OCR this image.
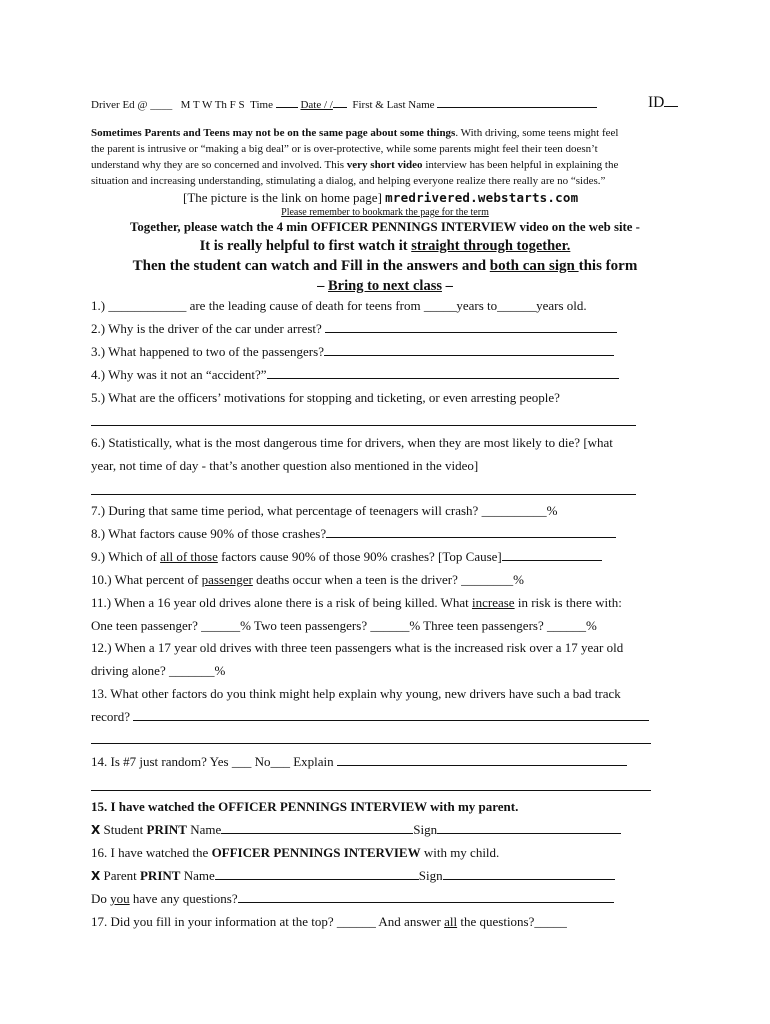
Driver Ed @ ____ M T W Th F S Time	Date / / First & Last Name	ID
Sometimes Parents and Teens may not be on the same page about some things. With driving, some teens might feel
the parent is intrusive or “making a big deal” or is over-protective, while some parents might feel their teen doesn’t
understand why they are so concerned and involved. This very short video interview has been helpful in explaining the
situation and increasing understanding, stimulating a dialog, and helping everyone realize there really are no “sides.”
[The picture is the link on home page] mredrivered.webstarts.com
Please remember to bookmark the page for the term
Together, please watch the 4 min OFFICER PENNINGS INTERVIEW video on the web site -
It is really helpful to first watch it straight through together.
Then the student can watch and Fill in the answers and both can sign this form
– Bring to next class –
1.) ____________ are the leading cause of death for teens from _____years to______years old.
2.) Why is the driver of the car under arrest?
3.) What happened to two of the passengers?
4.) Why was it not an “accident?”
5.) What are the officers’ motivations for stopping and ticketing, or even arresting people?
6.) Statistically, what is the most dangerous time for drivers, when they are most likely to die? [what
year, not time of day - that’s another question also mentioned in the video]
7.) During that same time period, what percentage of teenagers will crash? __________%
8.) What factors cause 90% of those crashes?
9.) Which of all of those factors cause 90% of those 90% crashes? [Top Cause]
10.) What percent of passenger deaths occur when a teen is the driver? ________%
11.) When a 16 year old drives alone there is a risk of being killed. What increase in risk is there with:
One teen passenger? ______% Two teen passengers? ______% Three teen passengers? ______%
12.) When a 17 year old drives with three teen passengers what is the increased risk over a 17 year old
driving alone? _______%
13. What other factors do you think might help explain why young, new drivers have such a bad track
record?
14. Is #7 just random? Yes ___ No___ Explain
15. I have watched the OFFICER PENNINGS INTERVIEW with my parent.
X Student PRINT Name	Sign
16. I have watched the OFFICER PENNINGS INTERVIEW with my child.
X Parent PRINT Name	Sign
Do you have any questions?
17. Did you fill in your information at the top? ______ And answer all the questions?_____
